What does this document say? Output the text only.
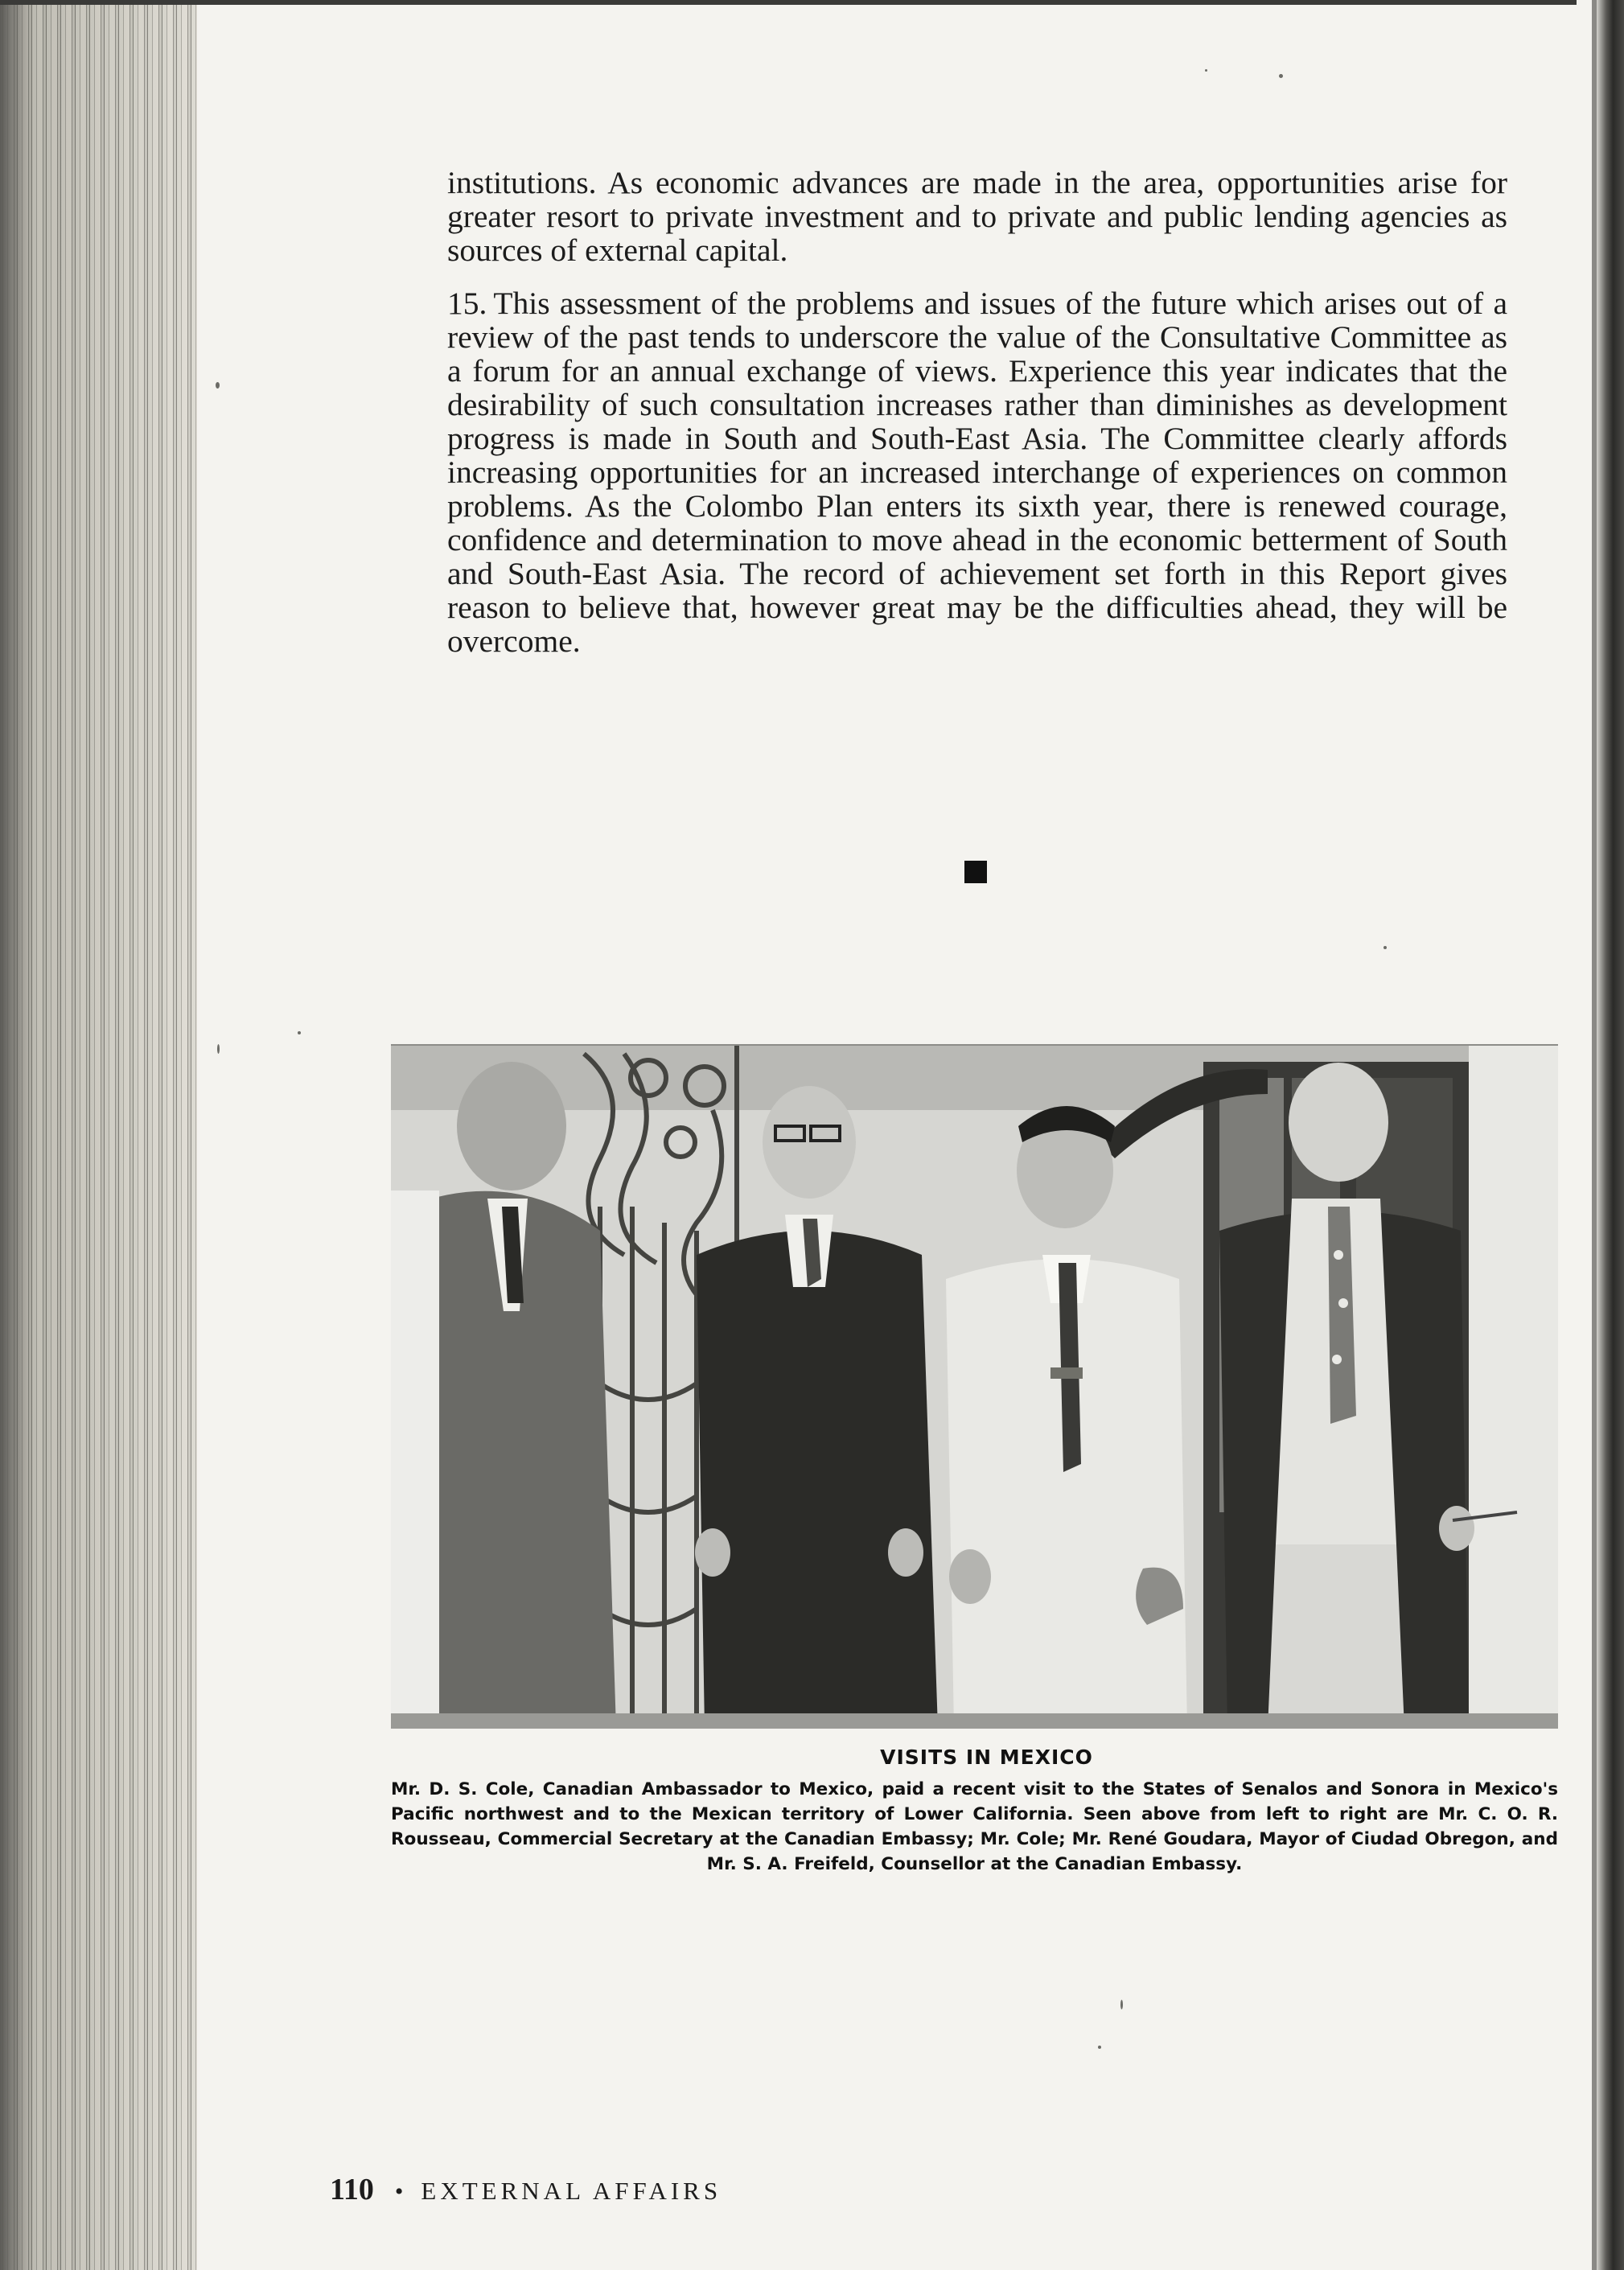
institutions. As economic advances are made in the area, opportunities arise for greater resort to private investment and to private and public lending agencies as sources of external capital.

15. This assessment of the problems and issues of the future which arises out of a review of the past tends to underscore the value of the Consultative Committee as a forum for an annual exchange of views. Experience this year indicates that the desirability of such consultation increases rather than diminishes as development progress is made in South and South-East Asia. The Committee clearly affords increasing opportunities for an increased interchange of experiences on common problems. As the Colombo Plan enters its sixth year, there is renewed courage, confidence and determination to move ahead in the economic betterment of South and South-East Asia. The record of achievement set forth in this Report gives reason to believe that, however great may be the difficulties ahead, they will be overcome.

VISITS IN MEXICO

Mr. D. S. Cole, Canadian Ambassador to Mexico, paid a recent visit to the States of Senalos and Sonora in Mexico's Pacific northwest and to the Mexican territory of Lower California. Seen above from left to right are Mr. C. O. R. Rousseau, Commercial Secretary at the Canadian Embassy; Mr. Cole; Mr. René Goudara, Mayor of Ciudad Obregon, and Mr. S. A. Freifeld, Counsellor at the Canadian Embassy.

110 • EXTERNAL AFFAIRS
